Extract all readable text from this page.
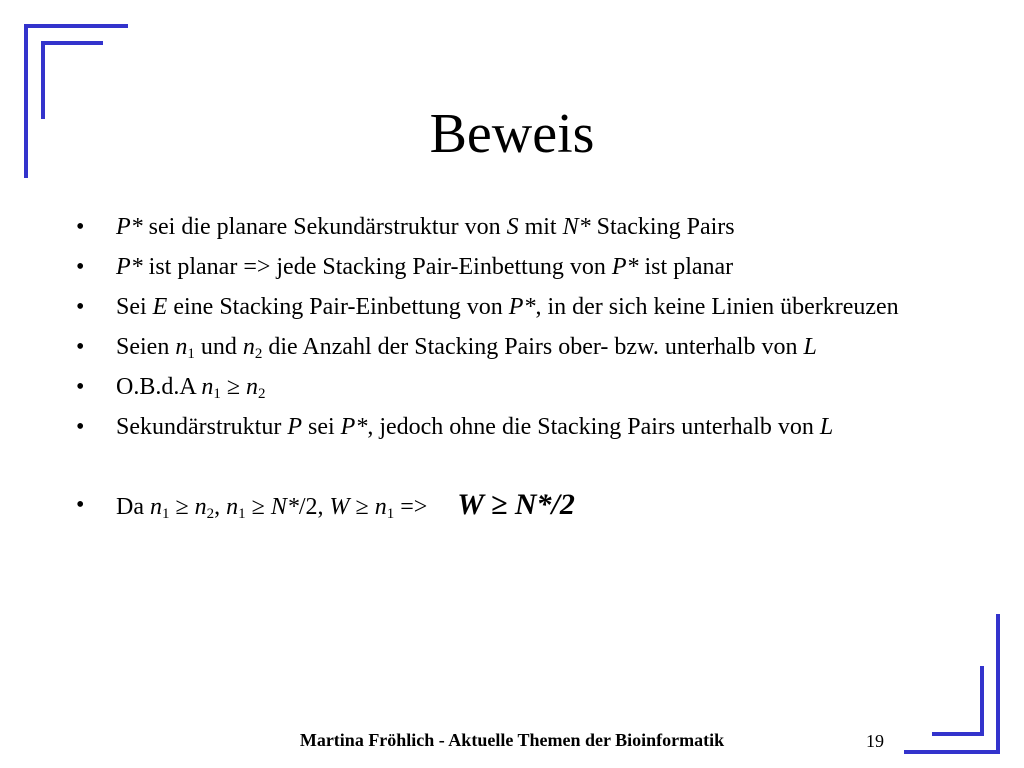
Beweis
• P* sei die planare Sekundärstruktur von S mit N* Stacking Pairs
• P* ist planar => jede Stacking Pair-Einbettung von P* ist planar
• Sei E eine Stacking Pair-Einbettung von P*, in der sich keine Linien überkreuzen
• Seien $n_1$ und $n_2$ die Anzahl der Stacking Pairs ober- bzw. unterhalb von L
• O.B.d.A $n_1 \ge n_2$
• Sekundärstruktur P sei P*, jedoch ohne die Stacking Pairs unterhalb von L
• Da $n_1 \ge n_2$, $n_1 \ge N*/2$, $W \ge n_1 => W \ge N*/2$
Martina Fröhlich - Aktuelle Themen der Bioinformatik	19
